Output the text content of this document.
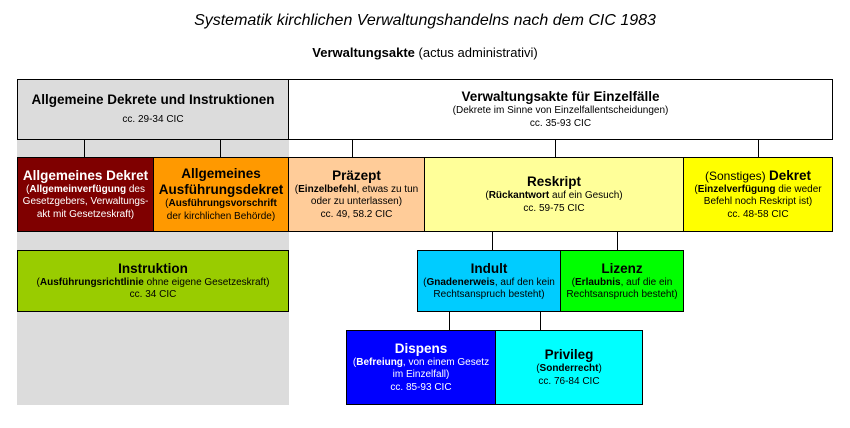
Systematik kirchlichen Verwaltungshandelns nach dem CIC 1983
Verwaltungsakte (actus administrativi)
Allgemeine Dekrete und Instruktionen
cc. 29-34 CIC
Verwaltungsakte für Einzelfälle
(Dekrete im Sinne von Einzelfallentscheidungen)
cc. 35-93 CIC
Allgemeines Dekret
(Allgemeinverfügung des Gesetzgebers, Verwaltungsakt mit Gesetzeskraft)
Allgemeines Ausführungsdekret
(Ausführungsvorschrift der kirchlichen Behörde)
Präzept
(Einzelbefehl, etwas zu tun oder zu unterlassen)
cc. 49, 58.2 CIC
Reskript
(Rückantwort auf ein Gesuch)
cc. 59-75 CIC
(Sonstiges) Dekret
(Einzelverfügung die weder Befehl noch Reskript ist)
cc. 48-58 CIC
Instruktion
(Ausführungsrichtlinie ohne eigene Gesetzeskraft)
cc. 34 CIC
Indult
(Gnadenerweis, auf den kein Rechtsanspruch besteht)
Lizenz
(Erlaubnis, auf die ein Rechtsanspruch besteht)
Dispens
(Befreiung, von einem Gesetz im Einzelfall)
cc. 85-93 CIC
Privileg
(Sonderrecht)
cc. 76-84 CIC
